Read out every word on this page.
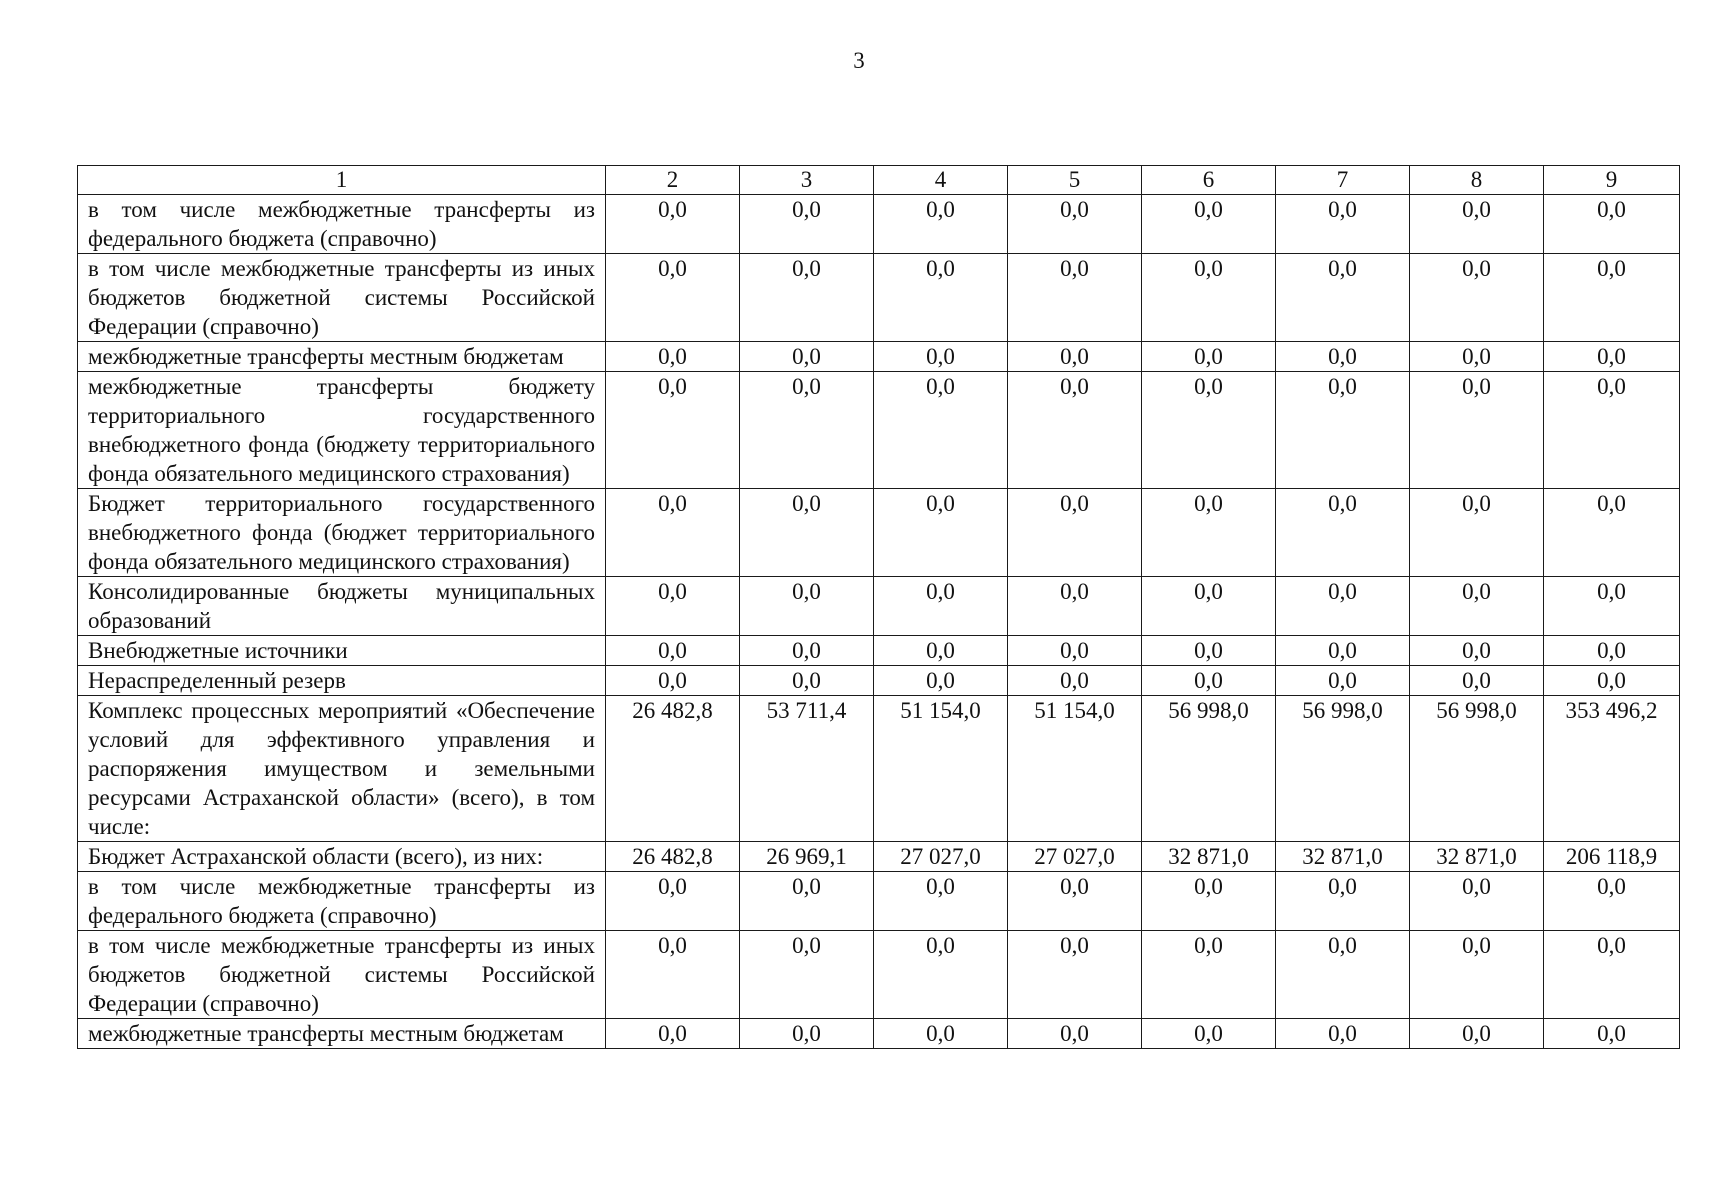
3
1	2	3	4	5	6	7	8	9
в том числе межбюджетные трансферты из федерального бюджета (справочно)	0,0	0,0	0,0	0,0	0,0	0,0	0,0	0,0
в том числе межбюджетные трансферты из иных бюджетов бюджетной системы Российской Федерации (справочно)	0,0	0,0	0,0	0,0	0,0	0,0	0,0	0,0
межбюджетные трансферты местным бюджетам	0,0	0,0	0,0	0,0	0,0	0,0	0,0	0,0
межбюджетные трансферты бюджету территориального государственного внебюджетного фонда (бюджету территориального фонда обязательного медицинского страхования)	0,0	0,0	0,0	0,0	0,0	0,0	0,0	0,0
Бюджет территориального государственного внебюджетного фонда (бюджет территориального фонда обязательного медицинского страхования)	0,0	0,0	0,0	0,0	0,0	0,0	0,0	0,0
Консолидированные бюджеты муниципальных образований	0,0	0,0	0,0	0,0	0,0	0,0	0,0	0,0
Внебюджетные источники	0,0	0,0	0,0	0,0	0,0	0,0	0,0	0,0
Нераспределенный резерв	0,0	0,0	0,0	0,0	0,0	0,0	0,0	0,0
Комплекс процессных мероприятий «Обеспечение условий для эффективного управления и распоряжения имуществом и земельными ресурсами Астраханской области» (всего), в том числе:	26 482,8	53 711,4	51 154,0	51 154,0	56 998,0	56 998,0	56 998,0	353 496,2
Бюджет Астраханской области (всего), из них:	26 482,8	26 969,1	27 027,0	27 027,0	32 871,0	32 871,0	32 871,0	206 118,9
в том числе межбюджетные трансферты из федерального бюджета (справочно)	0,0	0,0	0,0	0,0	0,0	0,0	0,0	0,0
в том числе межбюджетные трансферты из иных бюджетов бюджетной системы Российской Федерации (справочно)	0,0	0,0	0,0	0,0	0,0	0,0	0,0	0,0
межбюджетные трансферты местным бюджетам	0,0	0,0	0,0	0,0	0,0	0,0	0,0	0,0
